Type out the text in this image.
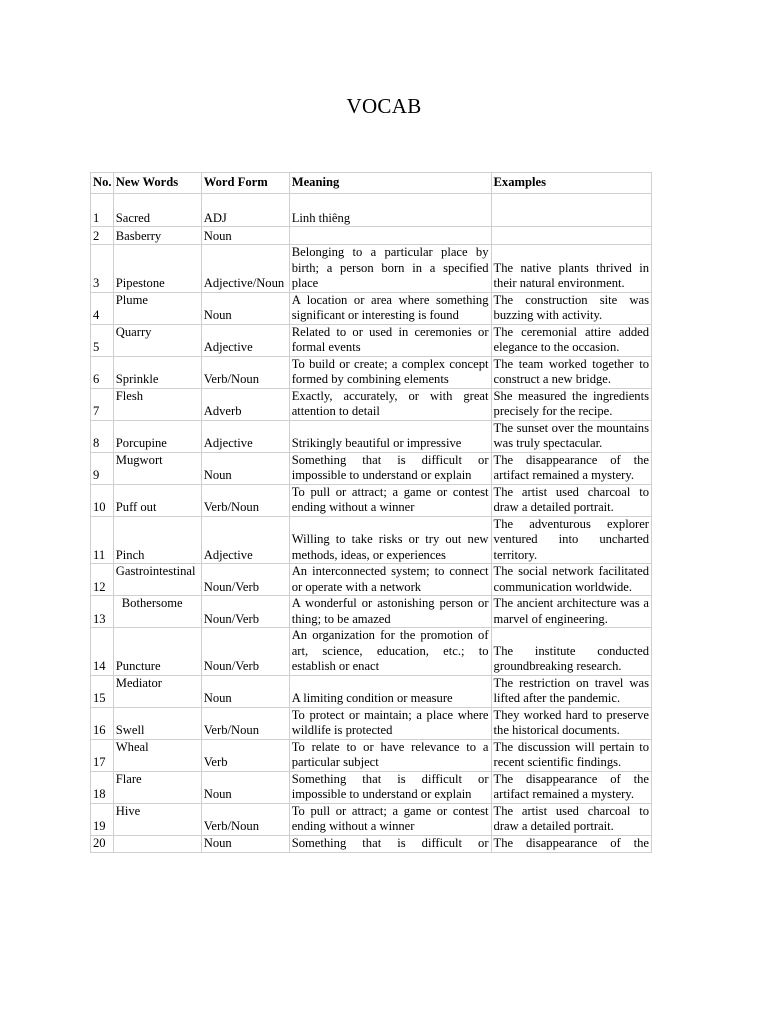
VOCAB
No.	New Words	Word Form	Meaning	Examples
1	Sacred	ADJ	Linh thiêng	
2	Basberry	Noun		
3	Pipestone	Adjective/Noun	Belonging to a particular place by birth; a person born in a specified place	The native plants thrived in their natural environment.
4	Plume	Noun	A location or area where something significant or interesting is found	The construction site was buzzing with activity.
5	Quarry	Adjective	Related to or used in ceremonies or formal events	The ceremonial attire added elegance to the occasion.
6	Sprinkle	Verb/Noun	To build or create; a complex concept formed by combining elements	The team worked together to construct a new bridge.
7	Flesh	Adverb	Exactly, accurately, or with great attention to detail	She measured the ingredients precisely for the recipe.
8	Porcupine	Adjective	Strikingly beautiful or impressive	The sunset over the mountains was truly spectacular.
9	Mugwort	Noun	Something that is difficult or impossible to understand or explain	The disappearance of the artifact remained a mystery.
10	Puff out	Verb/Noun	To pull or attract; a game or contest ending without a winner	The artist used charcoal to draw a detailed portrait.
11	Pinch	Adjective	Willing to take risks or try out new methods, ideas, or experiences	The adventurous explorer ventured into uncharted territory.
12	Gastrointestinal	Noun/Verb	An interconnected system; to connect or operate with a network	The social network facilitated communication worldwide.
13	Bothersome	Noun/Verb	A wonderful or astonishing person or thing; to be amazed	The ancient architecture was a marvel of engineering.
14	Puncture	Noun/Verb	An organization for the promotion of art, science, education, etc.; to establish or enact	The institute conducted groundbreaking research.
15	Mediator	Noun	A limiting condition or measure	The restriction on travel was lifted after the pandemic.
16	Swell	Verb/Noun	To protect or maintain; a place where wildlife is protected	They worked hard to preserve the historical documents.
17	Wheal	Verb	To relate to or have relevance to a particular subject	The discussion will pertain to recent scientific findings.
18	Flare	Noun	Something that is difficult or impossible to understand or explain	The disappearance of the artifact remained a mystery.
19	Hive	Verb/Noun	To pull or attract; a game or contest ending without a winner	The artist used charcoal to draw a detailed portrait.
20		Noun	Something that is difficult or	The disappearance of the
